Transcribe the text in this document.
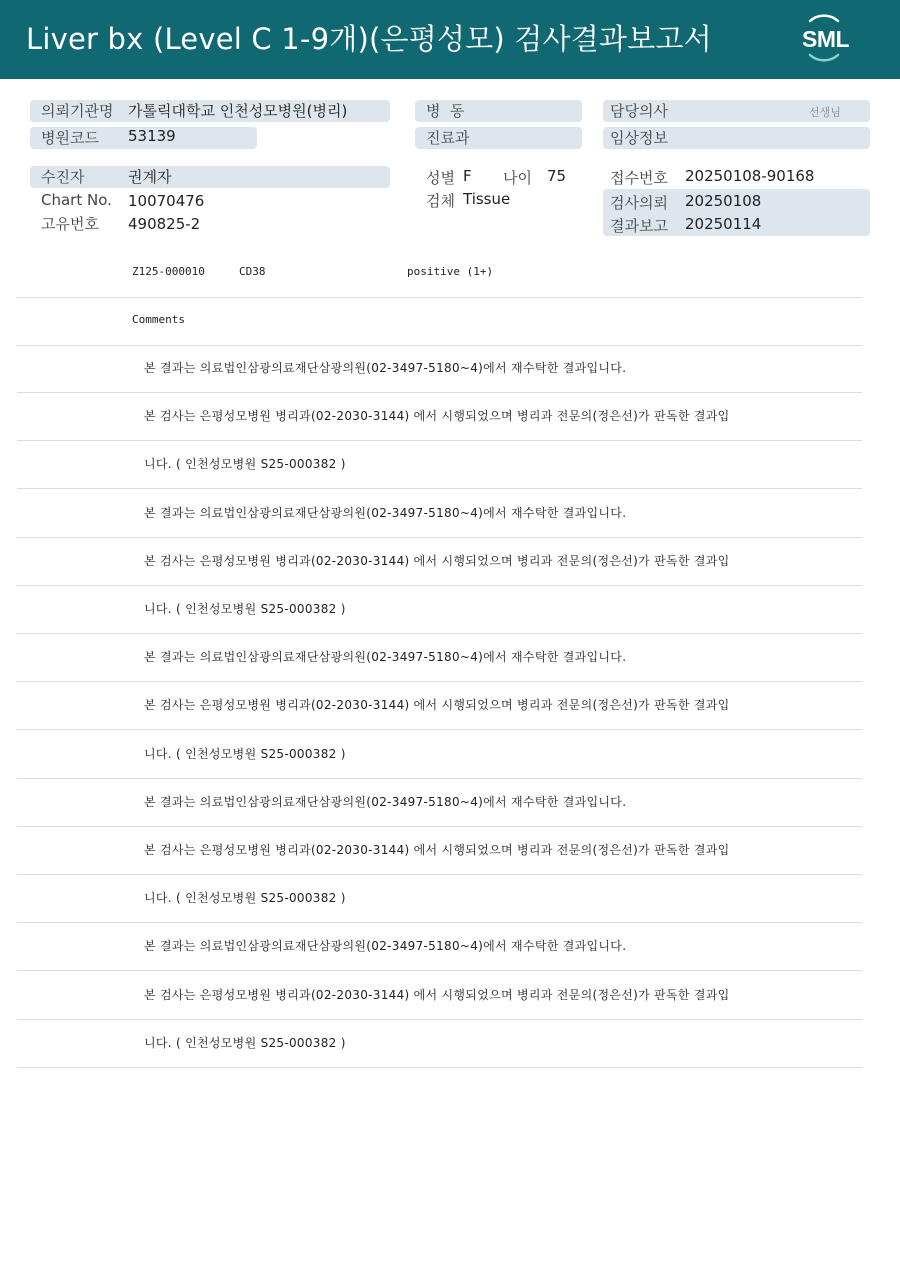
Liver bx (Level C 1-9개)(은평성모) 검사결과보고서	SML
의뢰기관명 가톨릭대학교 인천성모병원(병리)
병원코드 53139
수진자	권계자
Chart No. 10070476
고유번호 490825-2
병  동
진료과
성별 F 나이 75
검체 Tissue
담당의사	선생님
임상정보
접수번호 20250108-90168
검사의뢰 20250108
결과보고 20250114
Z125-000010	CD38	positive (1+)
Comments
본 결과는 의료법인삼광의료재단삼광의원(02-3497-5180~4)에서 재수탁한 결과입니다.
본 검사는 은평성모병원 병리과(02-2030-3144) 에서 시행되었으며 병리과 전문의(정은선)가 판독한 결과입
니다. ( 인천성모병원 S25-000382 )
본 결과는 의료법인삼광의료재단삼광의원(02-3497-5180~4)에서 재수탁한 결과입니다.
본 검사는 은평성모병원 병리과(02-2030-3144) 에서 시행되었으며 병리과 전문의(정은선)가 판독한 결과입
니다. ( 인천성모병원 S25-000382 )
본 결과는 의료법인삼광의료재단삼광의원(02-3497-5180~4)에서 재수탁한 결과입니다.
본 검사는 은평성모병원 병리과(02-2030-3144) 에서 시행되었으며 병리과 전문의(정은선)가 판독한 결과입
니다. ( 인천성모병원 S25-000382 )
본 결과는 의료법인삼광의료재단삼광의원(02-3497-5180~4)에서 재수탁한 결과입니다.
본 검사는 은평성모병원 병리과(02-2030-3144) 에서 시행되었으며 병리과 전문의(정은선)가 판독한 결과입
니다. ( 인천성모병원 S25-000382 )
본 결과는 의료법인삼광의료재단삼광의원(02-3497-5180~4)에서 재수탁한 결과입니다.
본 검사는 은평성모병원 병리과(02-2030-3144) 에서 시행되었으며 병리과 전문의(정은선)가 판독한 결과입
니다. ( 인천성모병원 S25-000382 )
